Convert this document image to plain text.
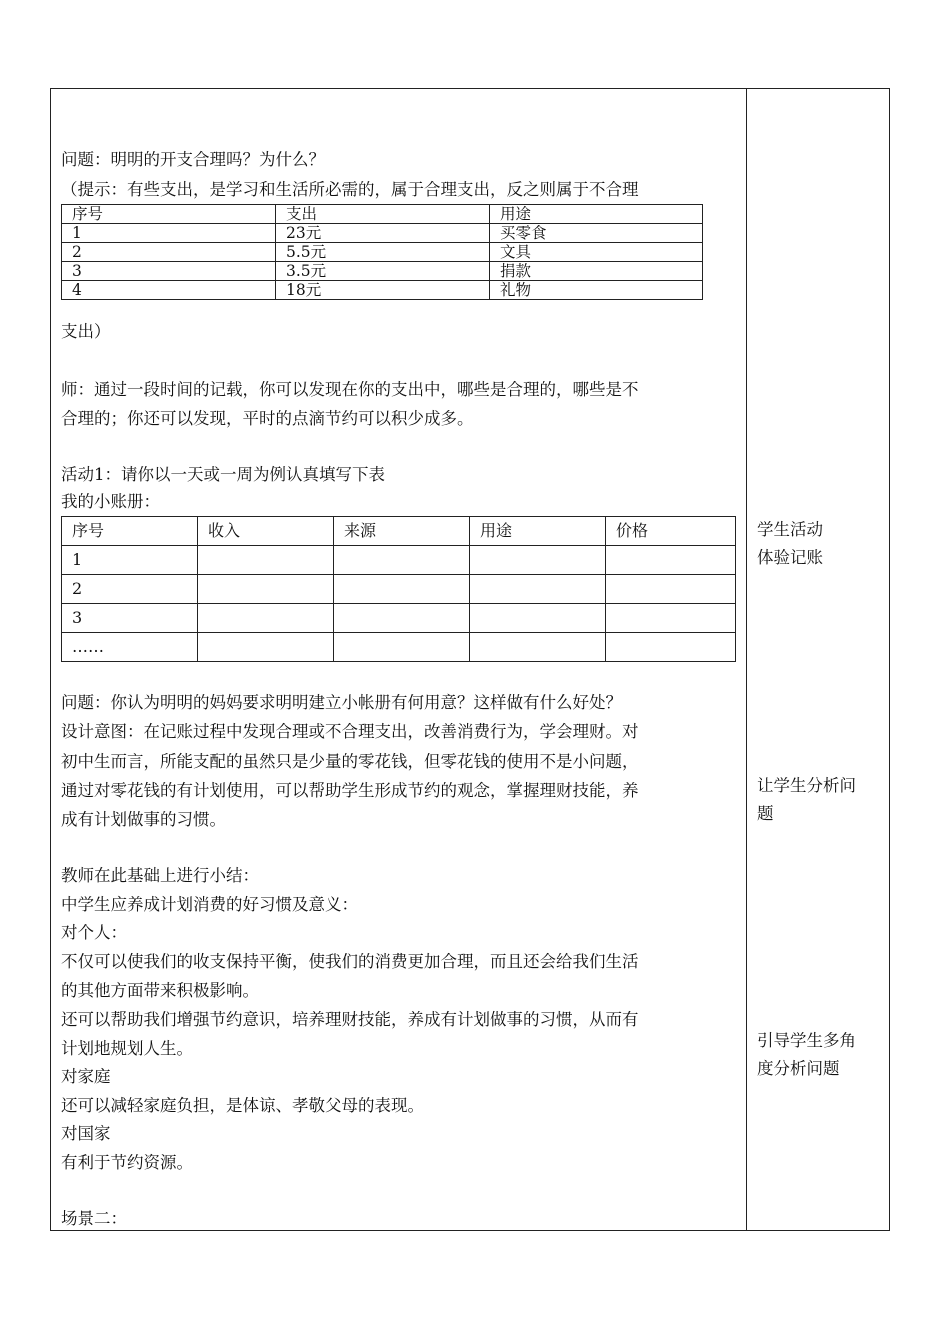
问题：明明的开支合理吗？为什么？
（提示：有些支出，是学习和生活所必需的，属于合理支出，反之则属于不合理
序号	支出	用途
1	23元	买零食
2	5.5元	文具
3	3.5元	捐款
4	18元	礼物
支出）
师：通过一段时间的记载，你可以发现在你的支出中，哪些是合理的，哪些是不
合理的；你还可以发现，平时的点滴节约可以积少成多。
活动1：请你以一天或一周为例认真填写下表
我的小账册：
序号	收入	来源	用途	价格
1				
2				
3				
……				
问题：你认为明明的妈妈要求明明建立小帐册有何用意？这样做有什么好处？
设计意图：在记账过程中发现合理或不合理支出，改善消费行为，学会理财。对
初中生而言，所能支配的虽然只是少量的零花钱，但零花钱的使用不是小问题，
通过对零花钱的有计划使用，可以帮助学生形成节约的观念，掌握理财技能，养
成有计划做事的习惯。
教师在此基础上进行小结：
中学生应养成计划消费的好习惯及意义：
对个人：
不仅可以使我们的收支保持平衡，使我们的消费更加合理，而且还会给我们生活
的其他方面带来积极影响。
还可以帮助我们增强节约意识，培养理财技能，养成有计划做事的习惯，从而有
计划地规划人生。
对家庭
还可以减轻家庭负担，是体谅、孝敬父母的表现。
对国家
有利于节约资源。
场景二：
学生活动
体验记账
让学生分析问
题
引导学生多角
度分析问题
